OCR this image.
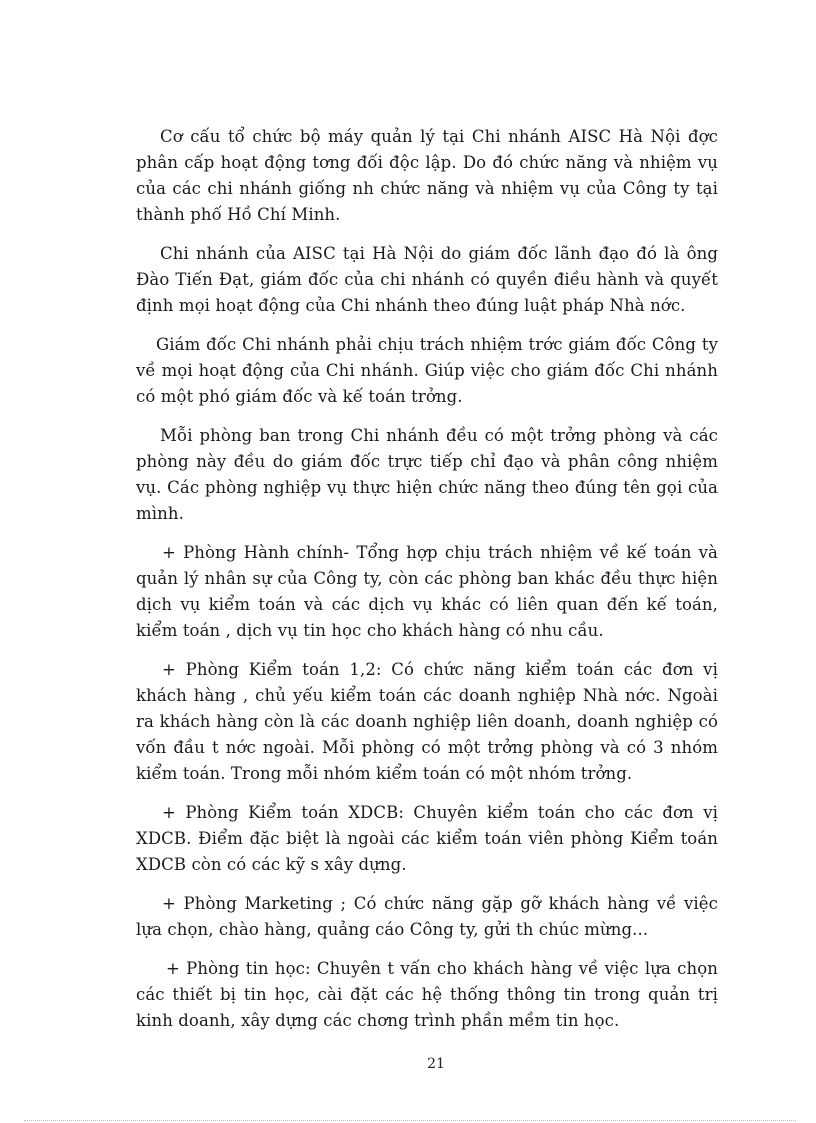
Cơ cấu tổ chức bộ máy quản lý tại Chi nhánh AISC Hà Nội đợc phân cấp hoạt động tơng đối độc lập. Do đó chức năng và nhiệm vụ của các chi nhánh giống nh chức năng và nhiệm vụ của Công ty tại thành phố Hồ Chí Minh.

Chi nhánh của AISC tại Hà Nội do giám đốc lãnh đạo đó là ông Đào Tiến Đạt, giám đốc của chi nhánh có quyền điều hành và quyết định mọi hoạt động của Chi nhánh theo đúng luật pháp Nhà nớc.

Giám đốc Chi nhánh phải chịu trách nhiệm trớc giám đốc Công ty về mọi hoạt động của Chi nhánh. Giúp việc cho giám đốc Chi nhánh có một phó giám đốc và kế toán trởng.

Mỗi phòng ban trong Chi nhánh đều có một trởng phòng và các phòng này đều do giám đốc trực tiếp chỉ đạo và phân công nhiệm vụ. Các phòng nghiệp vụ thực hiện chức năng theo đúng tên gọi của mình.

+ Phòng Hành chính- Tổng hợp chịu trách nhiệm về kế toán và quản lý nhân sự của Công ty, còn các phòng ban khác đều thực hiện dịch vụ kiểm toán và các dịch vụ khác có liên quan đến kế toán, kiểm toán , dịch vụ tin học cho khách hàng có nhu cầu.

+ Phòng Kiểm toán 1,2: Có chức năng kiểm toán các đơn vị khách hàng , chủ yếu kiểm toán các doanh nghiệp Nhà nớc. Ngoài ra khách hàng còn là các doanh nghiệp liên doanh, doanh nghiệp có vốn đầu t nớc ngoài. Mỗi phòng có một trởng phòng và có 3 nhóm kiểm toán. Trong mỗi nhóm kiểm toán có một nhóm trởng.

+ Phòng Kiểm toán XDCB: Chuyên kiểm toán cho các đơn vị XDCB. Điểm đặc biệt là ngoài các kiểm toán viên phòng Kiểm toán XDCB còn có các kỹ s xây dựng.

+ Phòng Marketing ; Có chức năng gặp gỡ khách hàng về việc lựa chọn, chào hàng, quảng cáo Công ty, gửi th chúc mừng...

+ Phòng tin học: Chuyên t vấn cho khách hàng về việc lựa chọn các thiết bị tin học, cài đặt các hệ thống thông tin trong quản trị kinh doanh, xây dựng các chơng trình phần mềm tin học.

21
